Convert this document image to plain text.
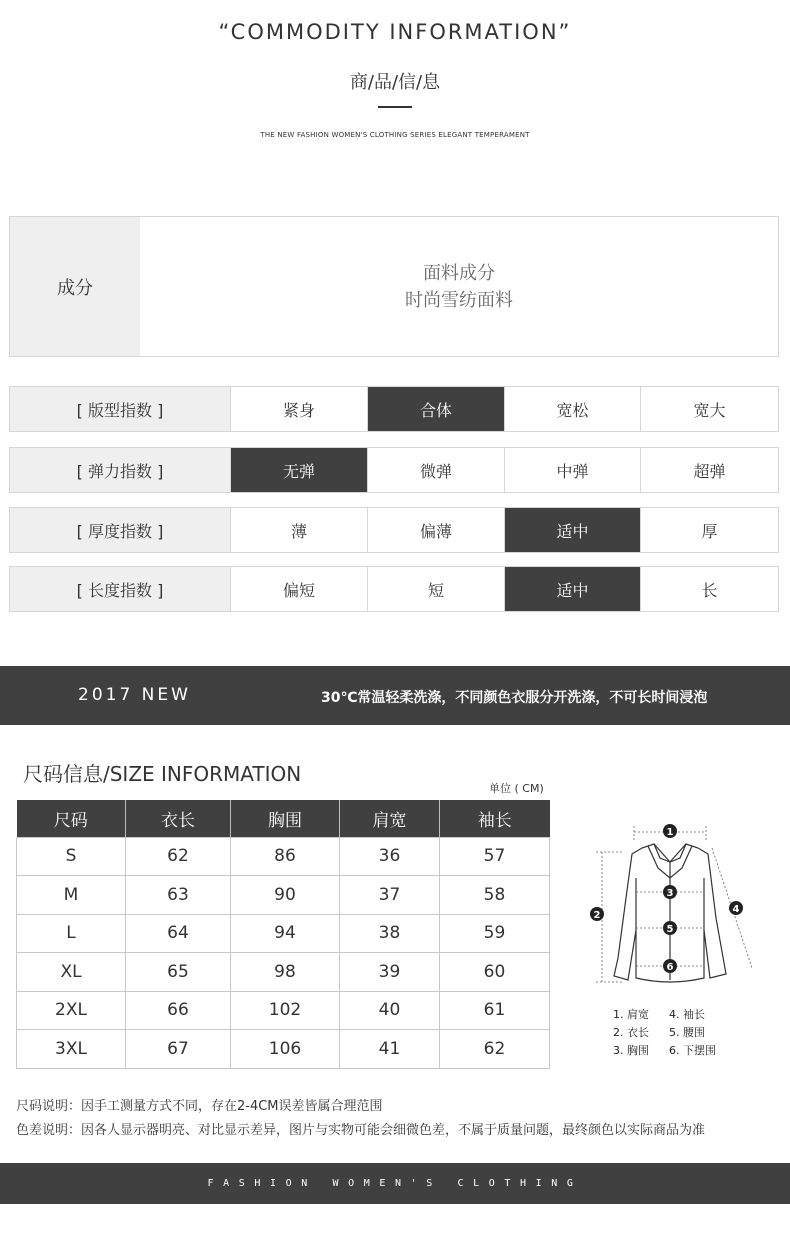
“COMMODITY INFORMATION”
商/品/信/息
THE NEW FASHION WOMEN'S CLOTHING SERIES ELEGANT TEMPERAMENT
成分
面料成分
时尚雪纺面料
[ 版型指数 ]	紧身	合体	宽松	宽大
[ 弹力指数 ]	无弹	微弹	中弹	超弹
[ 厚度指数 ]	薄	偏薄	适中	厚
[ 长度指数 ]	偏短	短	适中	长
2017 NEW	30℃常温轻柔洗涤，不同颜色衣服分开洗涤，不可长时间浸泡
尺码信息/SIZE INFORMATION
单位 ( CM)
尺码	衣长	胸围	肩宽	袖长
S	62	86	36	57
M	63	90	37	58
L	64	94	38	59
XL	65	98	39	60
2XL	66	102	40	61
3XL	67	106	41	62
1
2
3
4
5
6
1. 肩宽 4. 袖长
2. 衣长 5. 腰围
3. 胸围 6. 下摆围
尺码说明：因手工测量方式不同，存在2-4CM误差皆属合理范围
色差说明：因各人显示器明亮、对比显示差异，图片与实物可能会细微色差，不属于质量问题，最终颜色以实际商品为准
FASHION WOMEN'S CLOTHING
